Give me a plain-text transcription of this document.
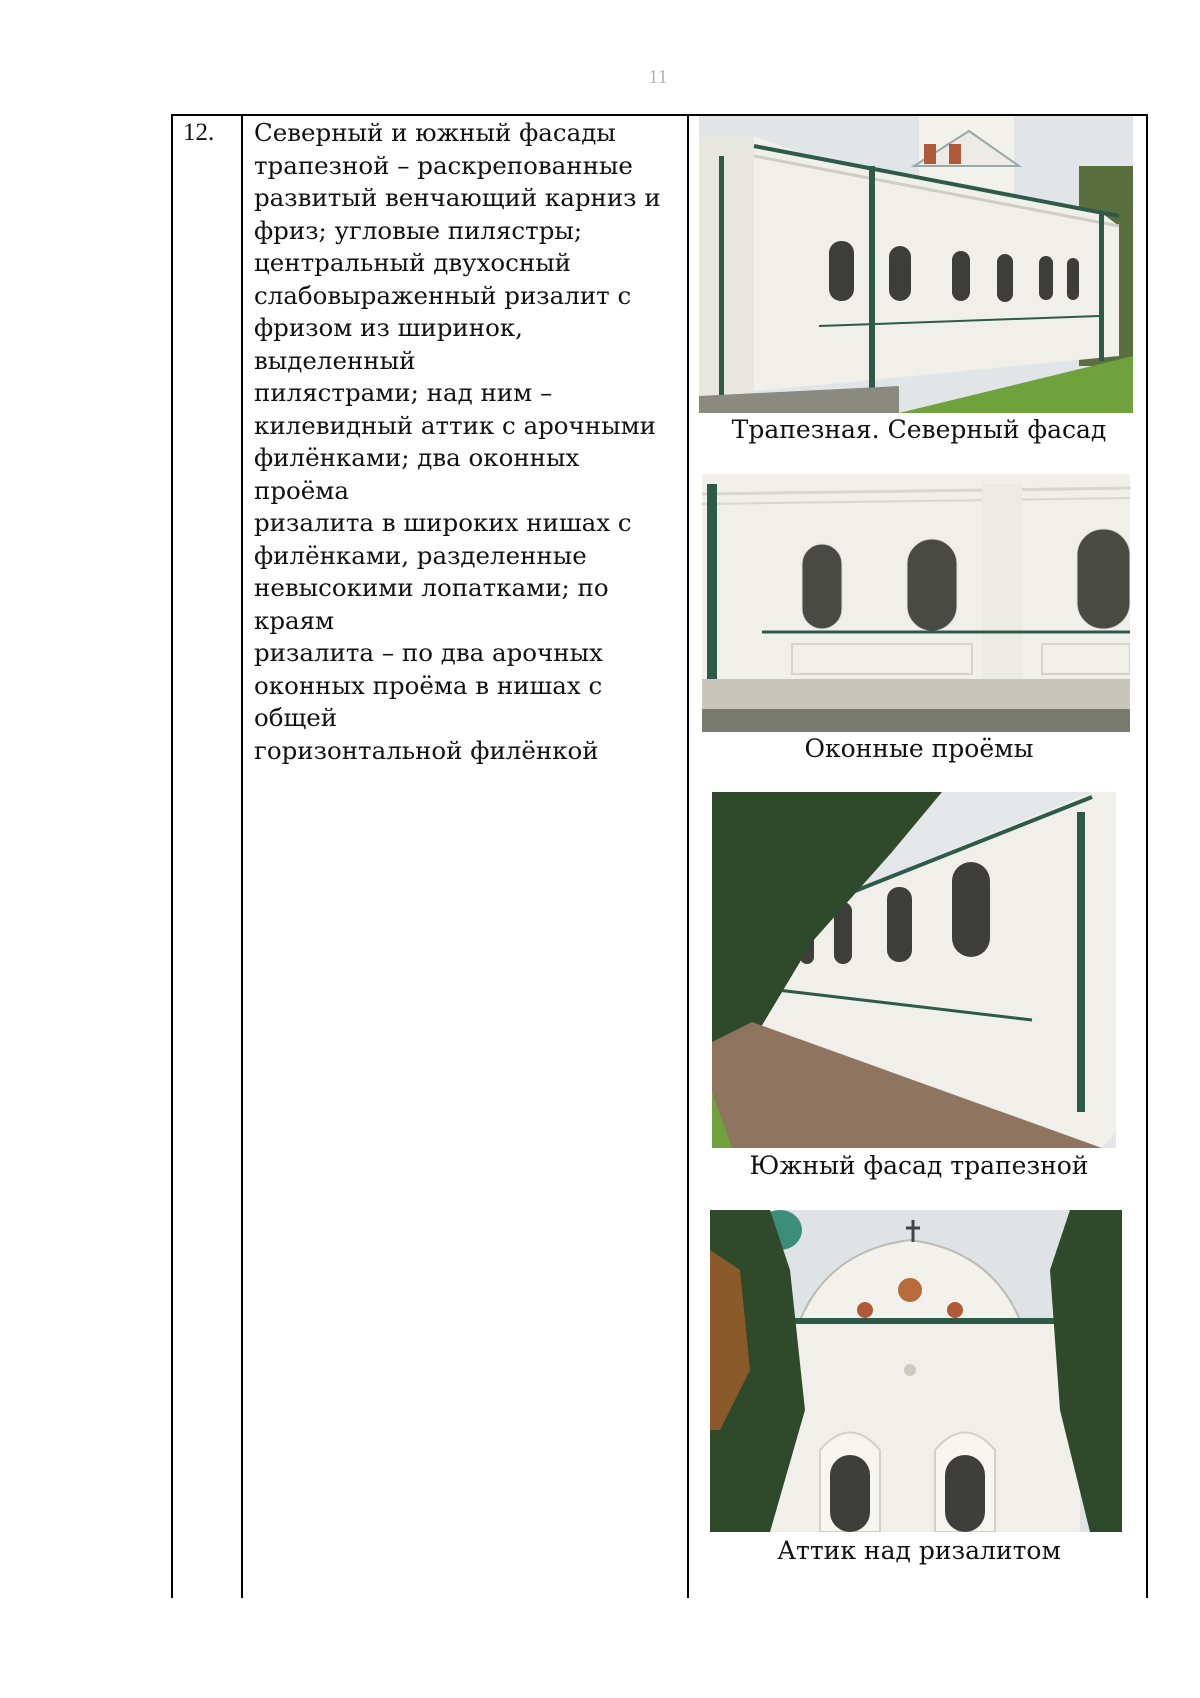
11
12. Северный и южный фасады
трапезной – раскрепованные
развитый венчающий карниз и
фриз; угловые пилястры;
центральный двухосный
слабовыраженный ризалит с
фризом из ширинок, выделенный
пилястрами; над ним –
килевидный аттик с арочными
филёнками; два оконных проёма
ризалита в широких нишах с
филёнками, разделенные
невысокими лопатками; по краям
ризалита – по два арочных
оконных проёма в нишах с общей
горизонтальной филёнкой
Трапезная. Северный фасад
Оконные проёмы
Южный фасад трапезной
Аттик над ризалитом
